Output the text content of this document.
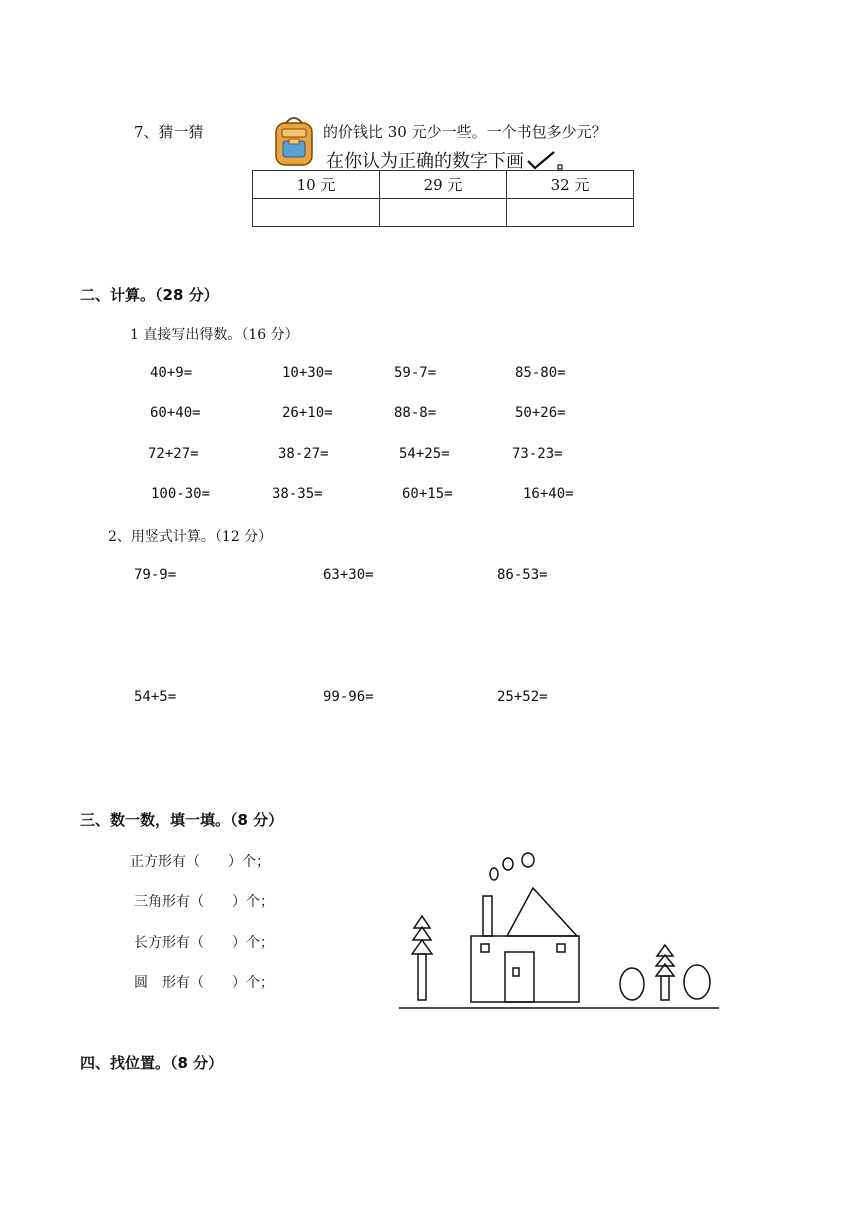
7、猜一猜	的价钱比 30 元少一些。一个书包多少元？
在你认为正确的数字下画
10 元	29 元	32 元

二、计算。（28 分）
1 直接写出得数。（16 分）
40+9=	10+30=	59-7=	85-80=
60+40=	26+10=	88-8=	50+26=
72+27=	38-27=	54+25=	73-23=
100-30=	38-35=	60+15=	16+40=
2、用竖式计算。（12 分）
79-9=	63+30=	86-53=
54+5=	99-96=	25+52=
三、数一数，填一填。（8 分）
正方形有（　　）个；
三角形有（　　）个；
长方形有（　　）个；
圆　形有（　　）个；
四、找位置。（8 分）
